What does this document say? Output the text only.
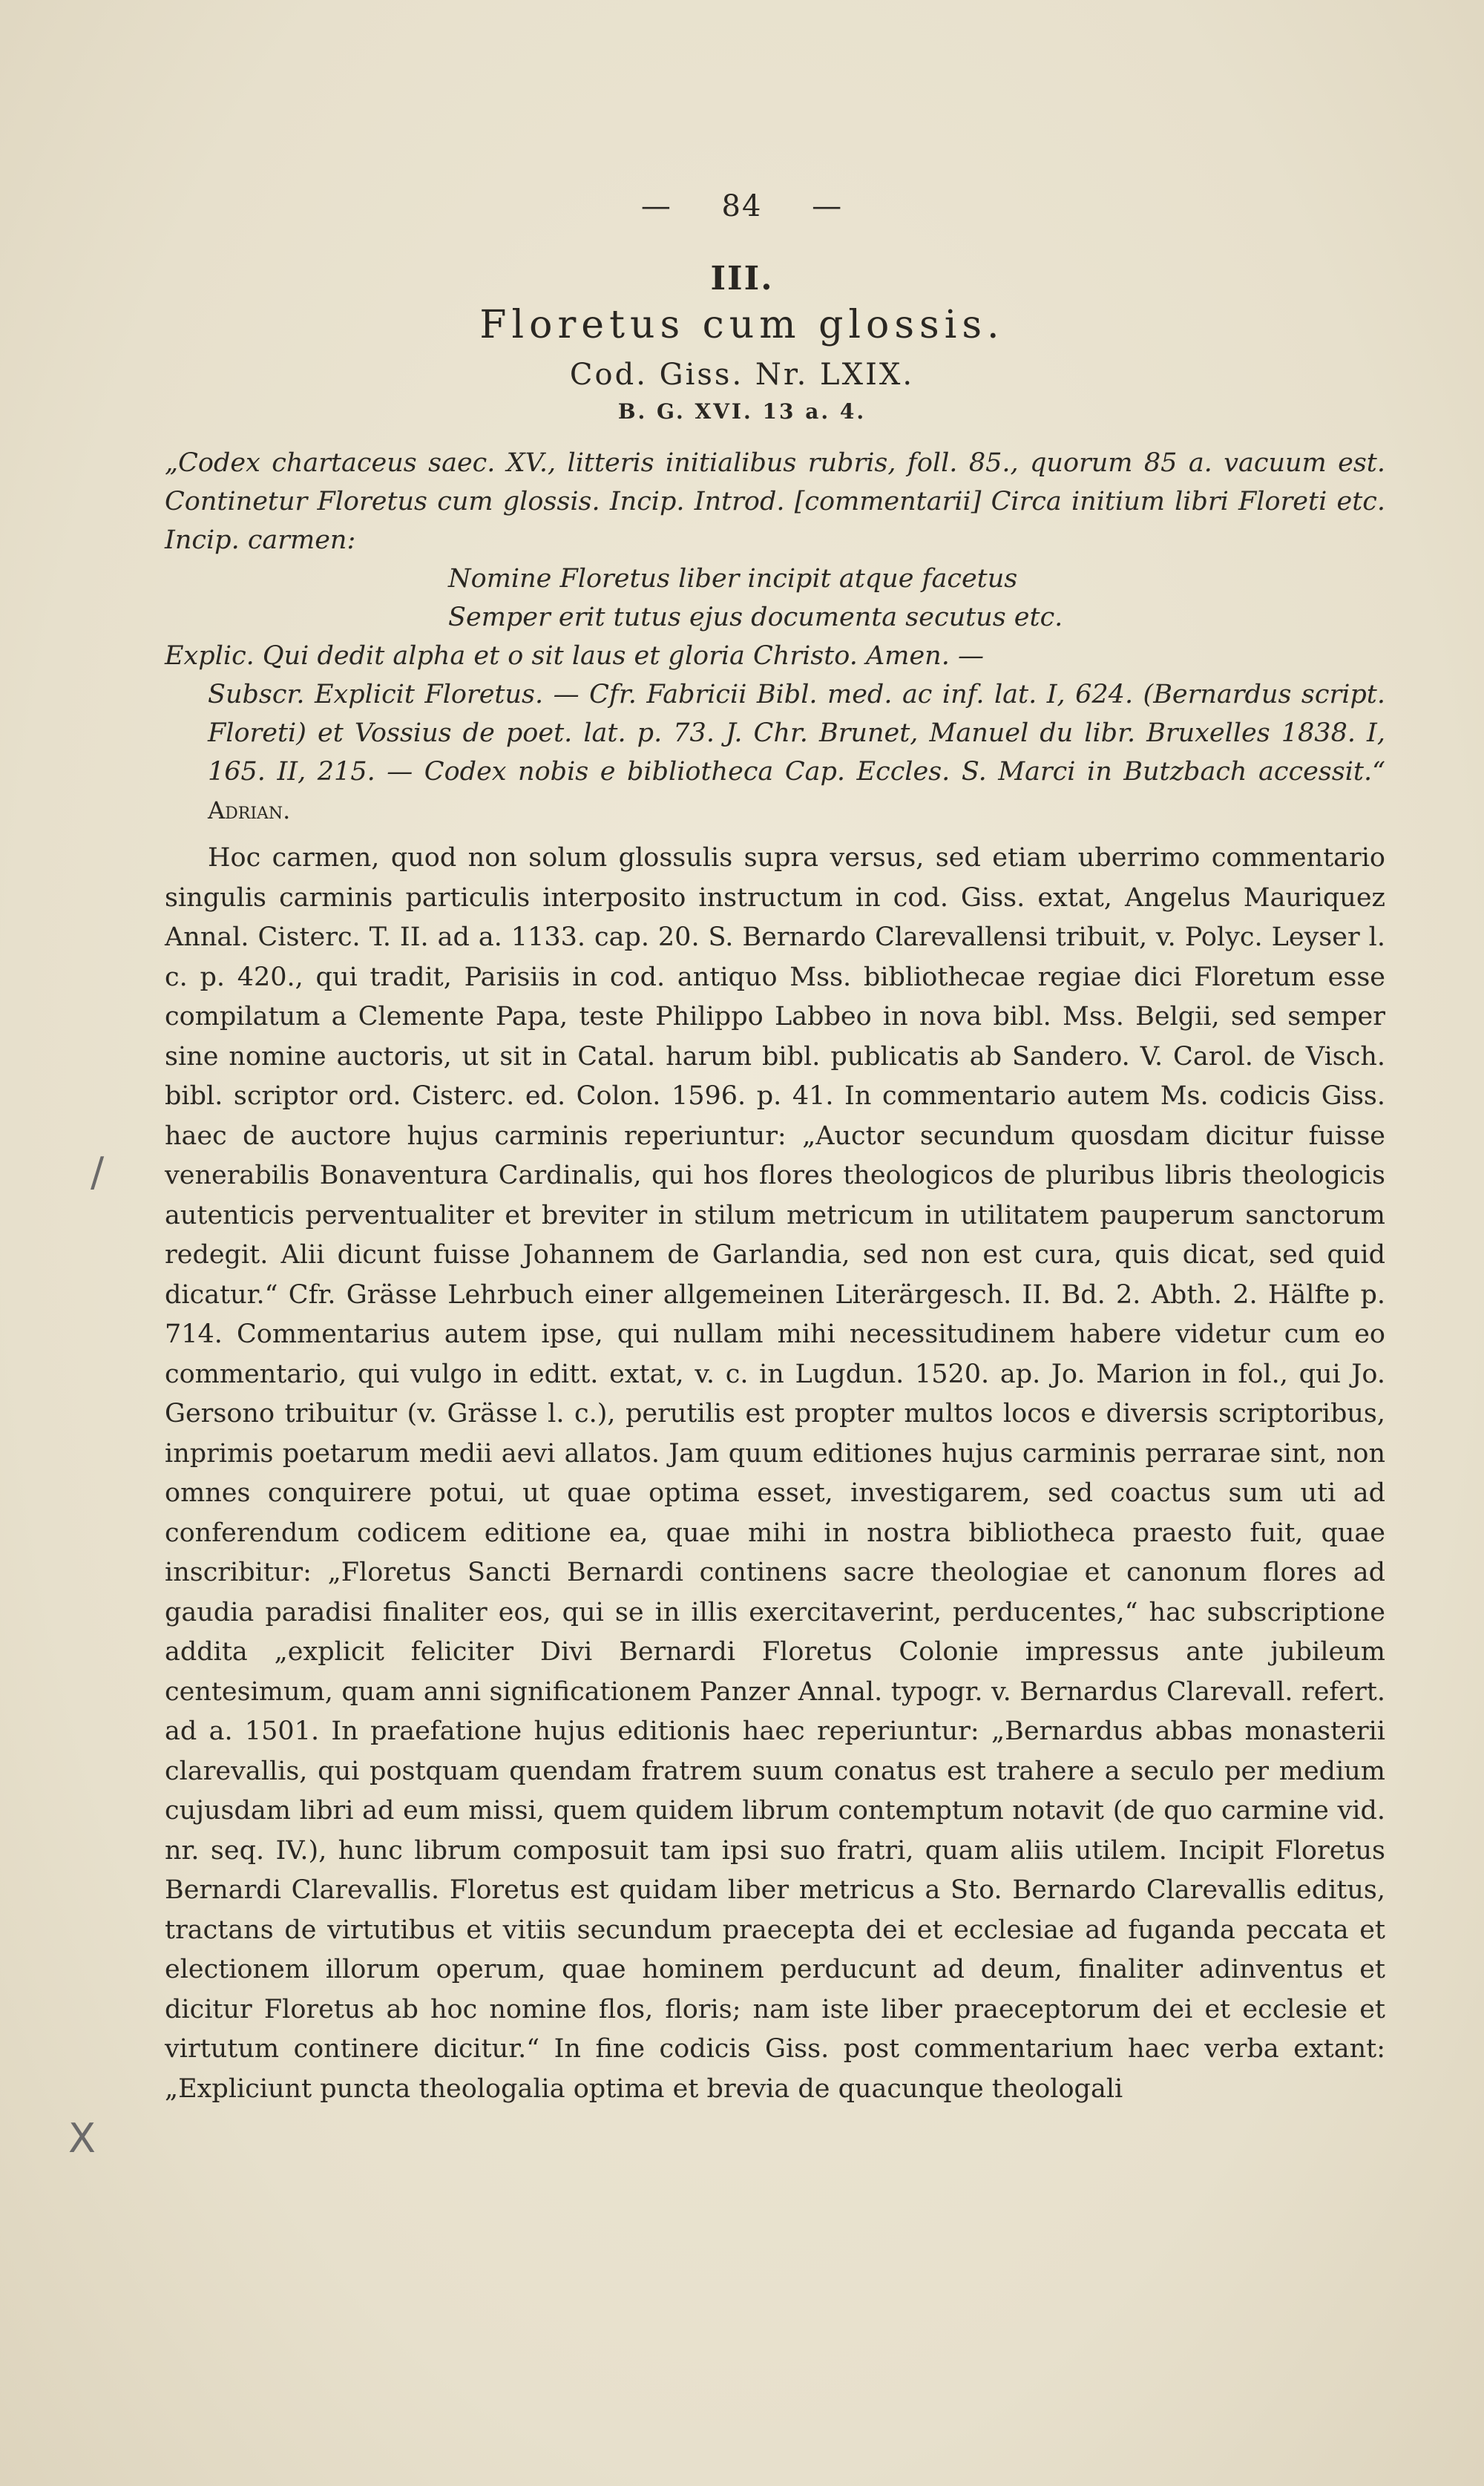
— 84 —
III.
Floretus cum glossis.
Cod. Giss. Nr. LXIX.
B. G. XVI. 13 a. 4.

„Codex chartaceus saec. XV., litteris initialibus rubris, foll. 85., quorum 85 a. vacuum est. Continetur Floretus cum glossis. Incip. Introd. [commentarii] Circa initium libri Floreti etc. Incip. carmen:

Nomine Floretus liber incipit atque facetus

Semper erit tutus ejus documenta secutus etc.

Explic. Qui dedit alpha et o sit laus et gloria Christo. Amen. —

Subscr. Explicit Floretus. — Cfr. Fabricii Bibl. med. ac inf. lat. I, 624. (Bernardus script. Floreti) et Vossius de poet. lat. p. 73. J. Chr. Brunet, Manuel du libr. Bruxelles 1838. I, 165. II, 215. — Codex nobis e bibliotheca Cap. Eccles. S. Marci in Butzbach accessit.“ Adrian.

Hoc carmen, quod non solum glossulis supra versus, sed etiam uberrimo commentario singulis carminis particulis interposito instructum in cod. Giss. extat, Angelus Mauriquez Annal. Cisterc. T. II. ad a. 1133. cap. 20. S. Bernardo Clarevallensi tribuit, v. Polyc. Leyser l. c. p. 420., qui tradit, Parisiis in cod. antiquo Mss. bibliothecae regiae dici Floretum esse compilatum a Clemente Papa, teste Philippo Labbeo in nova bibl. Mss. Belgii, sed semper sine nomine auctoris, ut sit in Catal. harum bibl. publicatis ab Sandero. V. Carol. de Visch. bibl. scriptor ord. Cisterc. ed. Colon. 1596. p. 41. In commentario autem Ms. codicis Giss. haec de auctore hujus carminis reperiuntur: „Auctor secundum quosdam dicitur fuisse venerabilis Bonaventura Cardinalis, qui hos flores theologicos de pluribus libris theologicis autenticis perventualiter et breviter in stilum metricum in utilitatem pauperum sanctorum redegit. Alii dicunt fuisse Johannem de Garlandia, sed non est cura, quis dicat, sed quid dicatur.“ Cfr. Grässe Lehrbuch einer allgemeinen Literärgesch. II. Bd. 2. Abth. 2. Hälfte p. 714. Commentarius autem ipse, qui nullam mihi necessitudinem habere videtur cum eo commentario, qui vulgo in editt. extat, v. c. in Lugdun. 1520. ap. Jo. Marion in fol., qui Jo. Gersono tribuitur (v. Grässe l. c.), perutilis est propter multos locos e diversis scriptoribus, inprimis poetarum medii aevi allatos. Jam quum editiones hujus carminis perrarae sint, non omnes conquirere potui, ut quae optima esset, investigarem, sed coactus sum uti ad conferendum codicem editione ea, quae mihi in nostra bibliotheca praesto fuit, quae inscribitur: „Floretus Sancti Bernardi continens sacre theologiae et canonum flores ad gaudia paradisi finaliter eos, qui se in illis exercitaverint, perducentes,“ hac subscriptione addita „explicit feliciter Divi Bernardi Floretus Colonie impressus ante jubileum centesimum, quam anni significationem Panzer Annal. typogr. v. Bernardus Clarevall. refert. ad a. 1501. In praefatione hujus editionis haec reperiuntur: „Bernardus abbas monasterii clarevallis, qui postquam quendam fratrem suum conatus est trahere a seculo per medium cujusdam libri ad eum missi, quem quidem librum contemptum notavit (de quo carmine vid. nr. seq. IV.), hunc librum composuit tam ipsi suo fratri, quam aliis utilem. Incipit Floretus Bernardi Clarevallis. Floretus est quidam liber metricus a Sto. Bernardo Clarevallis editus, tractans de virtutibus et vitiis secundum praecepta dei et ecclesiae ad fuganda peccata et electionem illorum operum, quae hominem perducunt ad deum, finaliter adinventus et dicitur Floretus ab hoc nomine flos, floris; nam iste liber praeceptorum dei et ecclesie et virtutum continere dicitur.“ In fine codicis Giss. post commentarium haec verba extant: „Expliciunt puncta theologalia optima et brevia de quacunque theologali

/
X
